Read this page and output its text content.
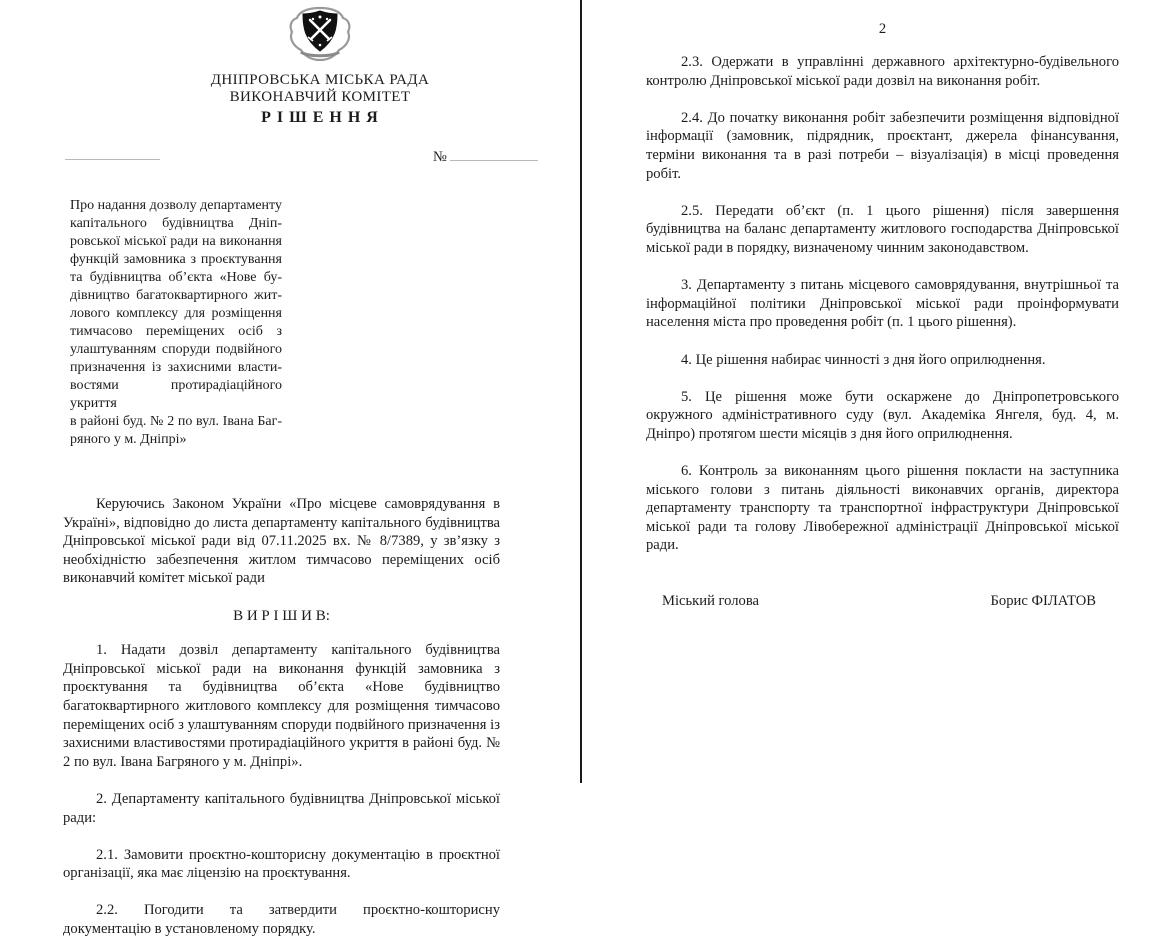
ДНІПРОВСЬКА МІСЬКА РАДА
ВИКОНАВЧИЙ КОМІТЕТ
Р І Ш Е Н Н Я
№
Про надання дозволу департаменту
капітального будівництва Дніп-
ровської міської ради на виконання
функцій замовника з проєктування
та будівництва об’єкта «Нове бу-
дівництво багатоквартирного жит-
лового комплексу для розміщення
тимчасово переміщених осіб з
улаштуванням споруди подвійного
призначення із захисними власти-
востями протирадіаційного укриття
в районі буд. № 2 по вул. Івана Баг-
ряного у м. Дніпрі»

Керуючись Законом України «Про місцеве самоврядування в Україні», відповідно до листа департаменту капітального будівництва Дніпровської міської ради від 07.11.2025 вх. № 8/7389, у зв’язку з необхідністю забезпечення житлом тимчасово переміщених осіб виконавчий комітет міської ради

В И Р І Ш И В:

1. Надати дозвіл департаменту капітального будівництва Дніпровської міської ради на виконання функцій замовника з проєктування та будівництва об’єкта «Нове будівництво багатоквартирного житлового комплексу для розміщення тимчасово переміщених осіб з улаштуванням споруди подвійного призначення із захисними властивостями протирадіаційного укриття в районі буд. № 2 по вул. Івана Багряного у м. Дніпрі».

2. Департаменту капітального будівництва Дніпровської міської ради:

2.1. Замовити проєктно-кошторисну документацію в проєктної організації, яка має ліцензію на проєктування.

2.2. Погодити та затвердити проєктно-кошторисну документацію в установленому порядку.

2

2.3. Одержати в управлінні державного архітектурно-будівельного контролю Дніпровської міської ради дозвіл на виконання робіт.

2.4. До початку виконання робіт забезпечити розміщення відповідної інформації (замовник, підрядник, проєктант, джерела фінансування, терміни виконання та в разі потреби – візуалізація) в місці проведення робіт.

2.5. Передати об’єкт (п. 1 цього рішення) після завершення будівництва на баланс департаменту житлового господарства Дніпровської міської ради в порядку, визначеному чинним законодавством.

3. Департаменту з питань місцевого самоврядування, внутрішньої та інформаційної політики Дніпровської міської ради проінформувати населення міста про проведення робіт (п. 1 цього рішення).

4. Це рішення набирає чинності з дня його оприлюднення.

5. Це рішення може бути оскаржене до Дніпропетровського окружного адміністративного суду (вул. Академіка Янгеля, буд. 4, м. Дніпро) протягом шести місяців з дня його оприлюднення.

6. Контроль за виконанням цього рішення покласти на заступника міського голови з питань діяльності виконавчих органів, директора департаменту транспорту та транспортної інфраструктури Дніпровської міської ради та голову Лівобережної адміністрації Дніпровської міської ради.

Міський голова	Борис ФІЛАТОВ
